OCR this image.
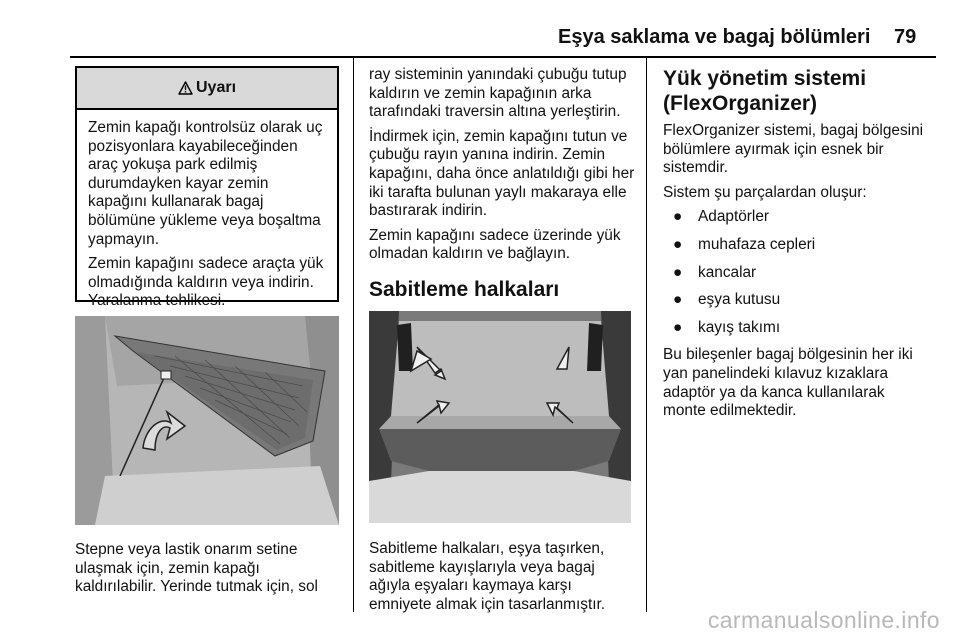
Eşya saklama ve bagaj bölümleri 79
Uyarı

Zemin kapağı kontrolsüz olarak uç pozisyonlara kayabileceğinden araç yokuşa park edilmiş durumdayken kayar zemin kapağını kullanarak bagaj bölümüne yükleme veya boşaltma yapmayın.

Zemin kapağını sadece araçta yük olmadığında kaldırın veya indirin. Yaralanma tehlikesi.

Stepne veya lastik onarım setine ulaşmak için, zemin kapağı kaldırılabilir. Yerinde tutmak için, sol

ray sisteminin yanındaki çubuğu tutup kaldırın ve zemin kapağının arka tarafındaki traversin altına yerleştirin.

İndirmek için, zemin kapağını tutun ve çubuğu rayın yanına indirin. Zemin kapağını, daha önce anlatıldığı gibi her iki tarafta bulunan yaylı makaraya elle bastırarak indirin.

Zemin kapağını sadece üzerinde yük olmadan kaldırın ve bağlayın.

Sabitleme halkaları

Sabitleme halkaları, eşya taşırken, sabitleme kayışlarıyla veya bagaj ağıyla eşyaları kaymaya karşı emniyete almak için tasarlanmıştır.

Yük yönetim sistemi (FlexOrganizer)

FlexOrganizer sistemi, bagaj bölgesini bölümlere ayırmak için esnek bir sistemdir.

Sistem şu parçalardan oluşur:

●	Adaptörler
●	muhafaza cepleri
●	kancalar
●	eşya kutusu
●	kayış takımı

Bu bileşenler bagaj bölgesinin her iki yan panelindeki kılavuz kızaklara adaptör ya da kanca kullanılarak monte edilmektedir.

carmanualsonline.info
